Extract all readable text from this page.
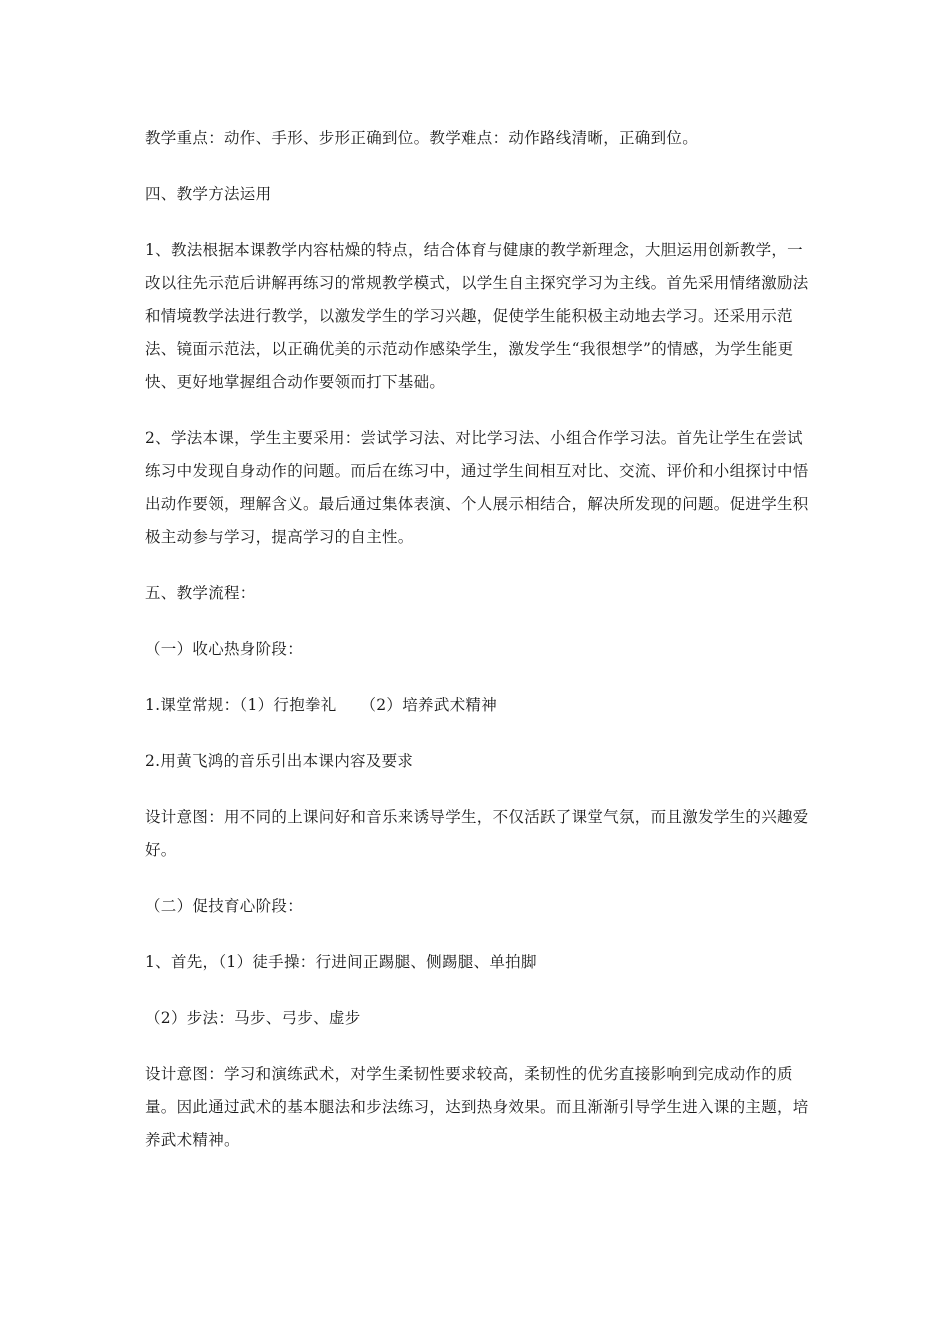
教学重点：动作、手形、步形正确到位。教学难点：动作路线清晰，正确到位。

四、教学方法运用

1、教法根据本课教学内容枯燥的特点，结合体育与健康的教学新理念，大胆运用创新教学，一改以往先示范后讲解再练习的常规教学模式，以学生自主探究学习为主线。首先采用情绪激励法和情境教学法进行教学，以激发学生的学习兴趣，促使学生能积极主动地去学习。还采用示范法、镜面示范法，以正确优美的示范动作感染学生，激发学生“我很想学”的情感，为学生能更快、更好地掌握组合动作要领而打下基础。

2、学法本课，学生主要采用：尝试学习法、对比学习法、小组合作学习法。首先让学生在尝试练习中发现自身动作的问题。而后在练习中，通过学生间相互对比、交流、评价和小组探讨中悟出动作要领，理解含义。最后通过集体表演、个人展示相结合，解决所发现的问题。促进学生积极主动参与学习，提高学习的自主性。

五、教学流程：

（一）收心热身阶段：

1.课堂常规：（1）行抱拳礼　　（2）培养武术精神

2.用黄飞鸿的音乐引出本课内容及要求

设计意图：用不同的上课问好和音乐来诱导学生，不仅活跃了课堂气氛，而且激发学生的兴趣爱好。

（二）促技育心阶段：

1、首先，（1）徒手操：行进间正踢腿、侧踢腿、单拍脚

（2）步法：马步、弓步、虚步

设计意图：学习和演练武术，对学生柔韧性要求较高，柔韧性的优劣直接影响到完成动作的质量。因此通过武术的基本腿法和步法练习，达到热身效果。而且渐渐引导学生进入课的主题，培养武术精神。
